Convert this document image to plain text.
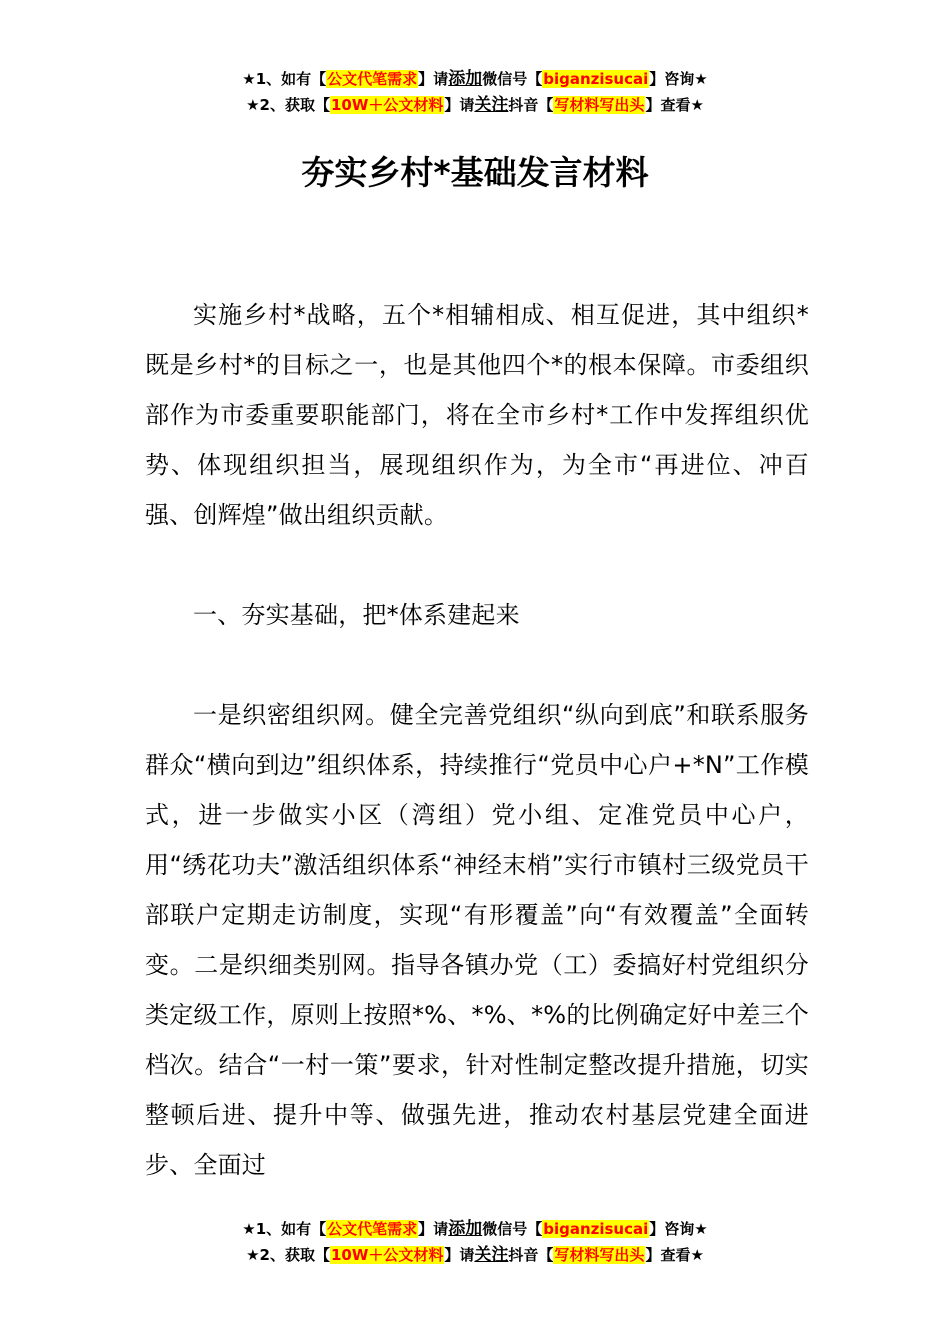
★1、如有【公文代笔需求】请添加微信号【biganzisucai】咨询★
★2、获取【10W＋公文材料】请关注抖音【写材料写出头】查看★
夯实乡村*基础发言材料

实施乡村*战略，五个*相辅相成、相互促进，其中组织*既是乡村*的目标之一，也是其他四个*的根本保障。市委组织部作为市委重要职能部门，将在全市乡村*工作中发挥组织优势、体现组织担当，展现组织作为，为全市“再进位、冲百强、创辉煌”做出组织贡献。

一、夯实基础，把*体系建起来

一是织密组织网。健全完善党组织“纵向到底”和联系服务群众“横向到边”组织体系，持续推行“党员中心户+*N”工作模式，进一步做实小区（湾组）党小组、定准党员中心户，用“绣花功夫”激活组织体系“神经末梢”实行市镇村三级党员干部联户定期走访制度，实现“有形覆盖”向“有效覆盖”全面转变。二是织细类别网。指导各镇办党（工）委搞好村党组织分类定级工作，原则上按照*%、*%、*%的比例确定好中差三个档次。结合“一村一策”要求，针对性制定整改提升措施，切实整顿后进、提升中等、做强先进，推动农村基层党建全面进步、全面过

★1、如有【公文代笔需求】请添加微信号【biganzisucai】咨询★
★2、获取【10W＋公文材料】请关注抖音【写材料写出头】查看★
